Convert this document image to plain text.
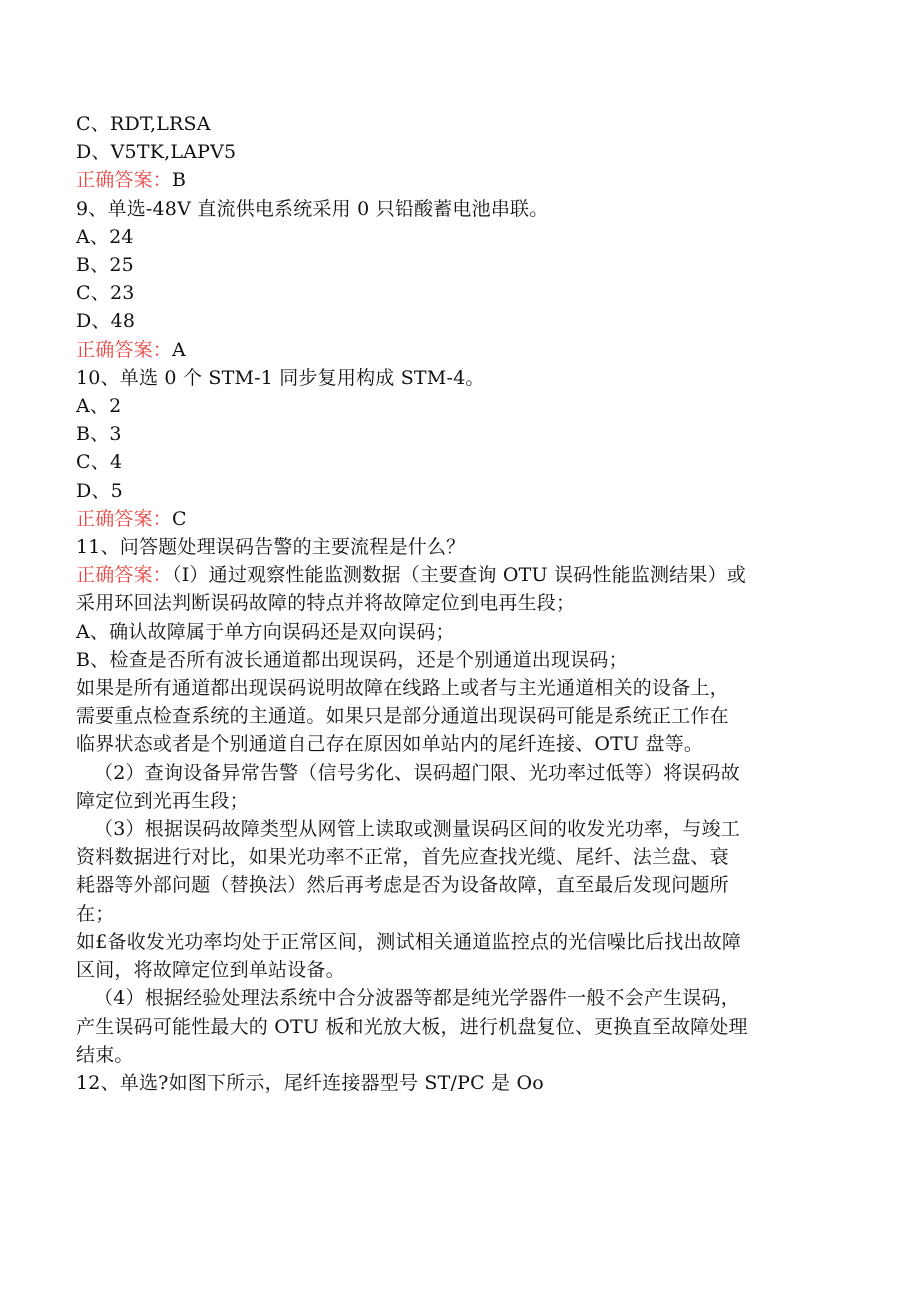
C、RDT,LRSA
D、V5TK,LAPV5
正确答案：B
9、单选-48V 直流供电系统采用 0 只铅酸蓄电池串联。
A、24
B、25
C、23
D、48
正确答案：A
10、单选 0 个 STM-1 同步复用构成 STM-4。
A、2
B、3
C、4
D、5
正确答案：C
11、问答题处理误码告警的主要流程是什么？
正确答案：（I）通过观察性能监测数据（主要查询 OTU 误码性能监测结果）或
采用环回法判断误码故障的特点并将故障定位到电再生段；
A、确认故障属于单方向误码还是双向误码；
B、检查是否所有波长通道都出现误码，还是个别通道出现误码；
如果是所有通道都出现误码说明故障在线路上或者与主光通道相关的设备上，
需要重点检查系统的主通道。如果只是部分通道出现误码可能是系统正工作在
临界状态或者是个别通道自己存在原因如单站内的尾纤连接、OTU 盘等。
（2）查询设备异常告警（信号劣化、误码超门限、光功率过低等）将误码故
障定位到光再生段；
（3）根据误码故障类型从网管上读取或测量误码区间的收发光功率，与竣工
资料数据进行对比，如果光功率不正常，首先应查找光缆、尾纤、法兰盘、衰
耗器等外部问题（替换法）然后再考虑是否为设备故障，直至最后发现问题所
在；
如£备收发光功率均处于正常区间，测试相关通道监控点的光信噪比后找出故障
区间，将故障定位到单站设备。
（4）根据经验处理法系统中合分波器等都是纯光学器件一般不会产生误码，
产生误码可能性最大的 OTU 板和光放大板，进行机盘复位、更换直至故障处理
结束。
12、单选?如图下所示，尾纤连接器型号 ST/PC 是 Oo
